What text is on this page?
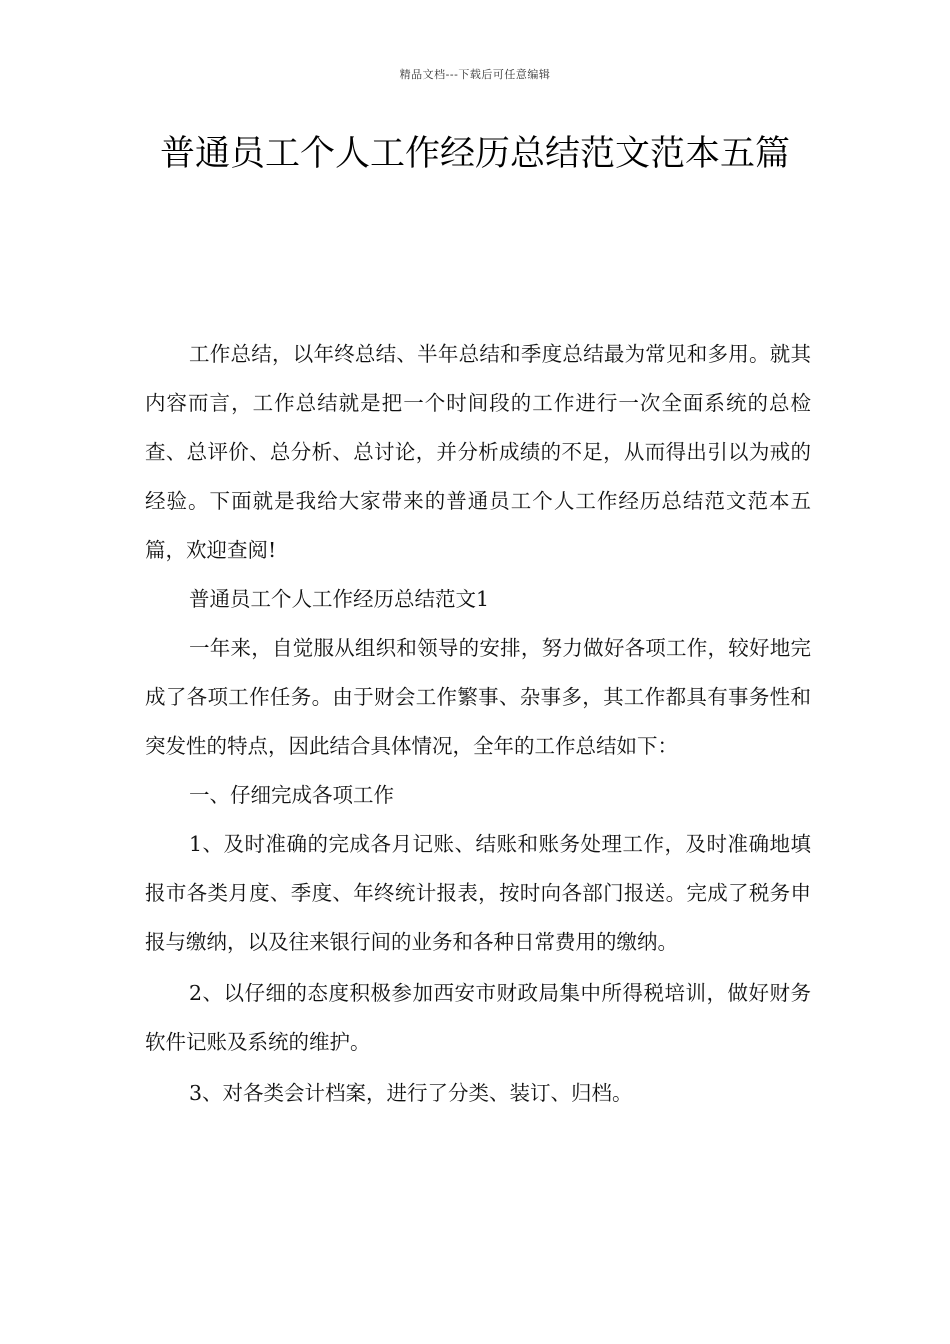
精品文档---下载后可任意编辑
普通员工个人工作经历总结范文范本五篇

工作总结，以年终总结、半年总结和季度总结最为常见和多用。就其内容而言，工作总结就是把一个时间段的工作进行一次全面系统的总检查、总评价、总分析、总讨论，并分析成绩的不足，从而得出引以为戒的经验。下面就是我给大家带来的普通员工个人工作经历总结范文范本五篇，欢迎查阅!

普通员工个人工作经历总结范文1

一年来，自觉服从组织和领导的安排，努力做好各项工作，较好地完成了各项工作任务。由于财会工作繁事、杂事多，其工作都具有事务性和突发性的特点，因此结合具体情况，全年的工作总结如下：

一、仔细完成各项工作

1、及时准确的完成各月记账、结账和账务处理工作，及时准确地填报市各类月度、季度、年终统计报表，按时向各部门报送。完成了税务申报与缴纳，以及往来银行间的业务和各种日常费用的缴纳。

2、以仔细的态度积极参加西安市财政局集中所得税培训，做好财务软件记账及系统的维护。

3、对各类会计档案，进行了分类、装订、归档。
